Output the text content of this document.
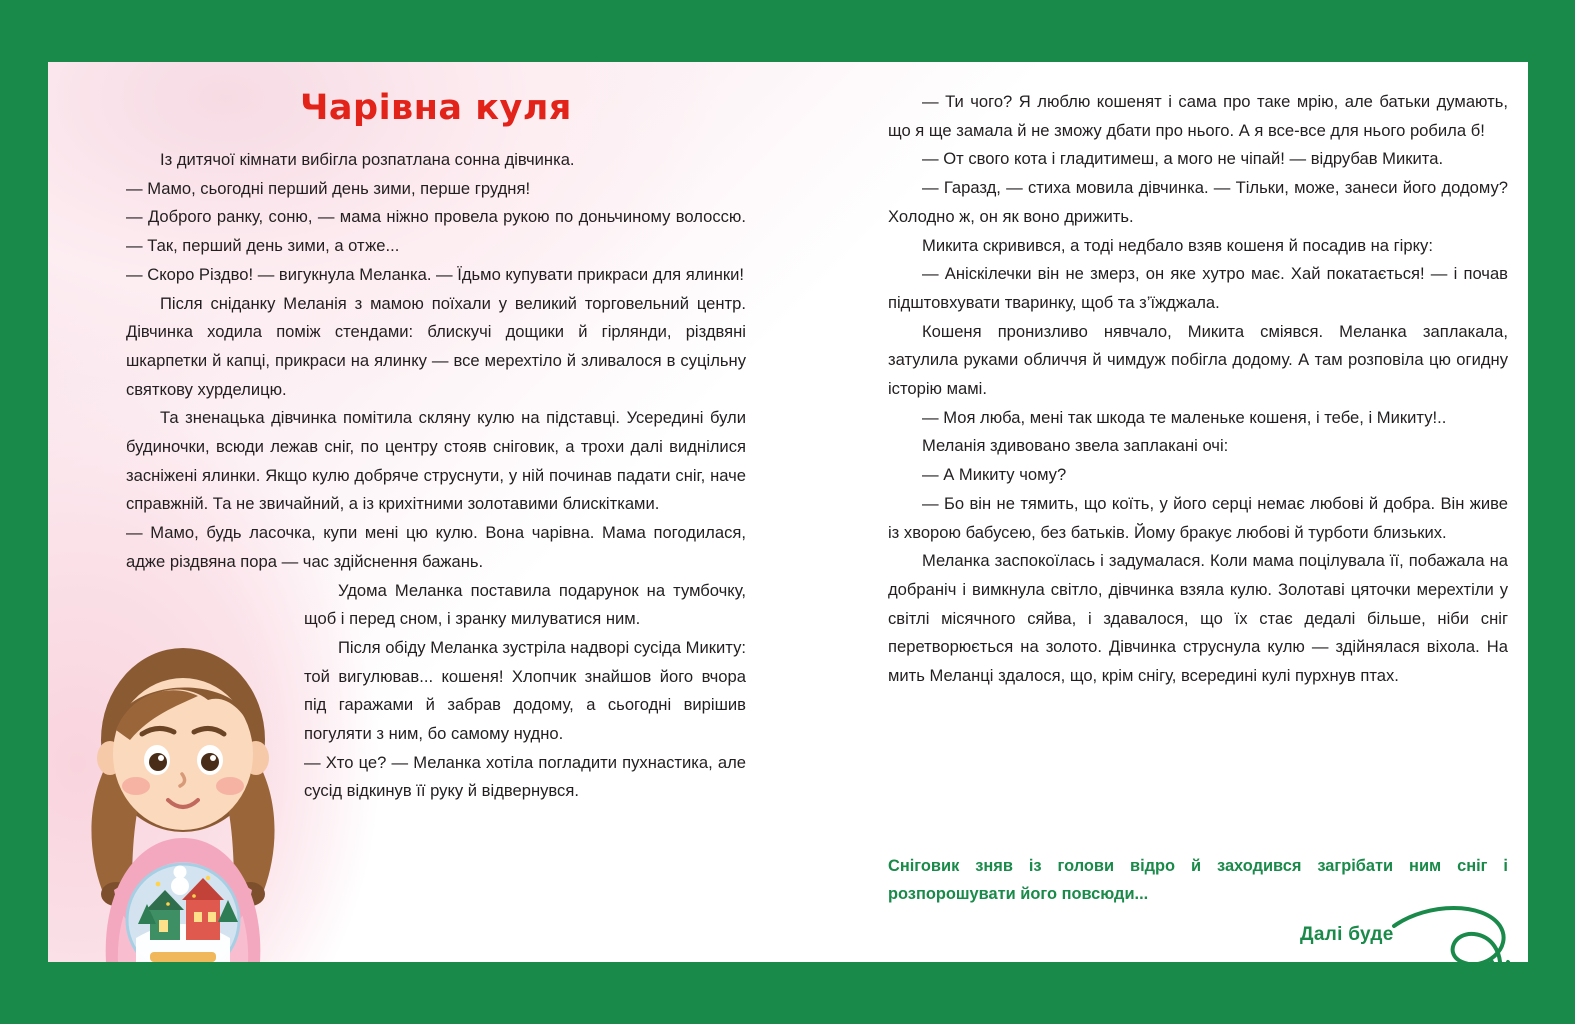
Чарівна куля

Із дитячої кімнати вибігла розпатлана сонна дівчинка.

— Мамо, сьогодні перший день зими, перше грудня!

— Доброго ранку, соню, — мама ніжно провела рукою по доньчиному волоссю. — Так, перший день зими, а отже...

— Скоро Різдво! — вигукнула Меланка. — Їдьмо купувати прикраси для ялинки!

Після сніданку Меланія з мамою поїхали у великий торговельний центр. Дівчинка ходила поміж стендами: блискучі дощики й гірлянди, різдвяні шкарпетки й капці, прикраси на ялинку — все мерехтіло й зливалося в суцільну святкову хурделицю.

Та зненацька дівчинка помітила скляну кулю на підставці. Усередині були будиночки, всюди лежав сніг, по центру стояв сніговик, а трохи далі виднілися засніжені ялинки. Якщо кулю добряче струснути, у ній починав падати сніг, наче справжній. Та не звичайний, а із крихітними золотавими блискітками.

— Мамо, будь ласочка, купи мені цю кулю. Вона чарівна. Мама погодилася, адже різдвяна пора — час здійснення бажань.

Удома Меланка поставила подарунок на тумбочку, щоб і перед сном, і зранку милуватися ним.

Після обіду Меланка зустріла надворі сусіда Микиту: той вигулював... кошеня! Хлопчик знайшов його вчора під гаражами й забрав додому, а сьогодні вирішив погуляти з ним, бо самому нудно.

— Хто це? — Меланка хотіла погладити пухнастика, але сусід відкинув її руку й відвернувся.

— Ти чого? Я люблю кошенят і сама про таке мрію, але батьки думають, що я ще замала й не зможу дбати про нього. А я все-все для нього робила б!

— От свого кота і гладитимеш, а мого не чіпай! — відрубав Микита.

— Гаразд, — стиха мовила дівчинка. — Тільки, може, занеси його додому? Холодно ж, он як воно дрижить.

Микита скривився, а тоді недбало взяв кошеня й посадив на гірку:

— Аніскілечки він не змерз, он яке хутро має. Хай покатається! — і почав підштовхувати тваринку, щоб та з’їжджала.

Кошеня пронизливо нявчало, Микита сміявся. Меланка заплакала, затулила руками обличчя й чимдуж побігла додому. А там розповіла цю огидну історію мамі.

— Моя люба, мені так шкода те маленьке кошеня, і тебе, і Микиту!..

Меланія здивовано звела заплакані очі:

— А Микиту чому?

— Бо він не тямить, що коїть, у його серці немає любові й добра. Він живе із хворою бабусею, без батьків. Йому бракує любові й турботи близьких.

Меланка заспокоїлась і задумалася. Коли мама поцілувала її, побажала на добраніч і вимкнула світло, дівчинка взяла кулю. Золотаві цяточки мерехтіли у світлі місячного сяйва, і здавалося, що їх стає дедалі більше, ніби сніг перетворюється на золото. Дівчинка струснула кулю — здійнялася віхола. На мить Меланці здалося, що, крім снігу, всередині кулі пурхнув птах.

Сніговик зняв із голови відро й заходився загрібати ним сніг і розпорошувати його повсюди...
Далі буде
